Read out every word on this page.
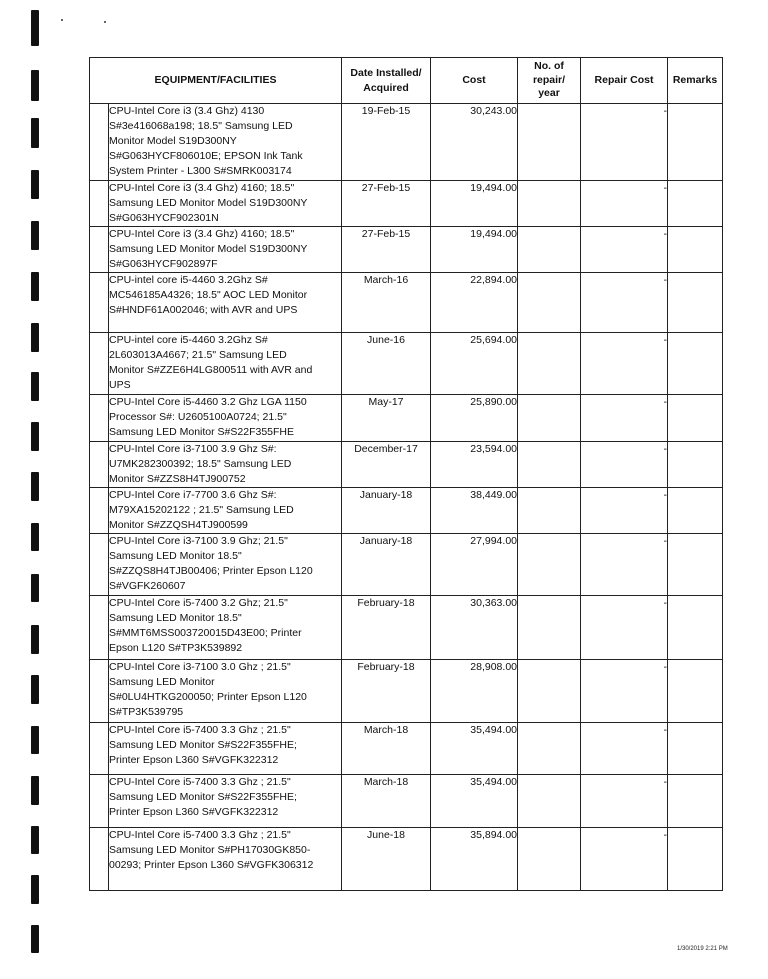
EQUIPMENT/FACILITIES		Date Installed/
Acquired	Cost	No. of
repair/
year	Repair Cost	Remarks
	CPU-Intel Core i3 (3.4 Ghz) 4130
S#3e416068a198; 18.5" Samsung LED
Monitor Model S19D300NY
S#G063HYCF806010E; EPSON Ink Tank
System Printer - L300 S#SMRK003174	19-Feb-15	30,243.00		-	
	CPU-Intel Core i3 (3.4 Ghz) 4160; 18.5"
Samsung LED Monitor Model S19D300NY
S#G063HYCF902301N	27-Feb-15	19,494.00		-	
	CPU-Intel Core i3 (3.4 Ghz) 4160; 18.5"
Samsung LED Monitor Model S19D300NY
S#G063HYCF902897F	27-Feb-15	19,494.00		-	
	CPU-intel core i5-4460 3.2Ghz S#
MC546185A4326; 18.5" AOC LED Monitor
S#HNDF61A002046; with AVR and UPS	March-16	22,894.00		-	
	CPU-intel core i5-4460 3.2Ghz S#
2L603013A4667; 21.5" Samsung LED
Monitor S#ZZE6H4LG800511 with AVR and
UPS	June-16	25,694.00		-	
	CPU-Intel Core i5-4460 3.2 Ghz LGA 1150
Processor S#: U2605100A0724; 21.5"
Samsung LED Monitor S#S22F355FHE	May-17	25,890.00		-	
	CPU-Intel Core i3-7100 3.9 Ghz S#:
U7MK282300392; 18.5" Samsung LED
Monitor S#ZZS8H4TJ900752	December-17	23,594.00		-	
	CPU-Intel Core i7-7700 3.6 Ghz S#:
M79XA15202122 ; 21.5" Samsung LED
Monitor S#ZZQSH4TJ900599	January-18	38,449.00		-	
	CPU-Intel Core i3-7100 3.9 Ghz; 21.5"
Samsung LED Monitor 18.5"
S#ZZQS8H4TJB00406; Printer Epson L120
S#VGFK260607	January-18	27,994.00		-	
	CPU-Intel Core i5-7400 3.2 Ghz; 21.5"
Samsung LED Monitor 18.5"
S#MMT6MSS003720015D43E00; Printer
Epson L120 S#TP3K539892	February-18	30,363.00		-	
	CPU-Intel Core i3-7100 3.0 Ghz ; 21.5"
Samsung LED Monitor
S#0LU4HTKG200050; Printer Epson L120
S#TP3K539795	February-18	28,908.00		-	
	CPU-Intel Core i5-7400 3.3 Ghz ; 21.5"
Samsung LED Monitor S#S22F355FHE;
Printer Epson L360 S#VGFK322312	March-18	35,494.00		-	
	CPU-Intel Core i5-7400 3.3 Ghz ; 21.5"
Samsung LED Monitor S#S22F355FHE;
Printer Epson L360 S#VGFK322312	March-18	35,494.00		-	
	CPU-Intel Core i5-7400 3.3 Ghz ; 21.5"
Samsung LED Monitor S#PH17030GK850-
00293; Printer Epson L360 S#VGFK306312	June-18	35,894.00		-	
1/30/2019 2:21 PM
